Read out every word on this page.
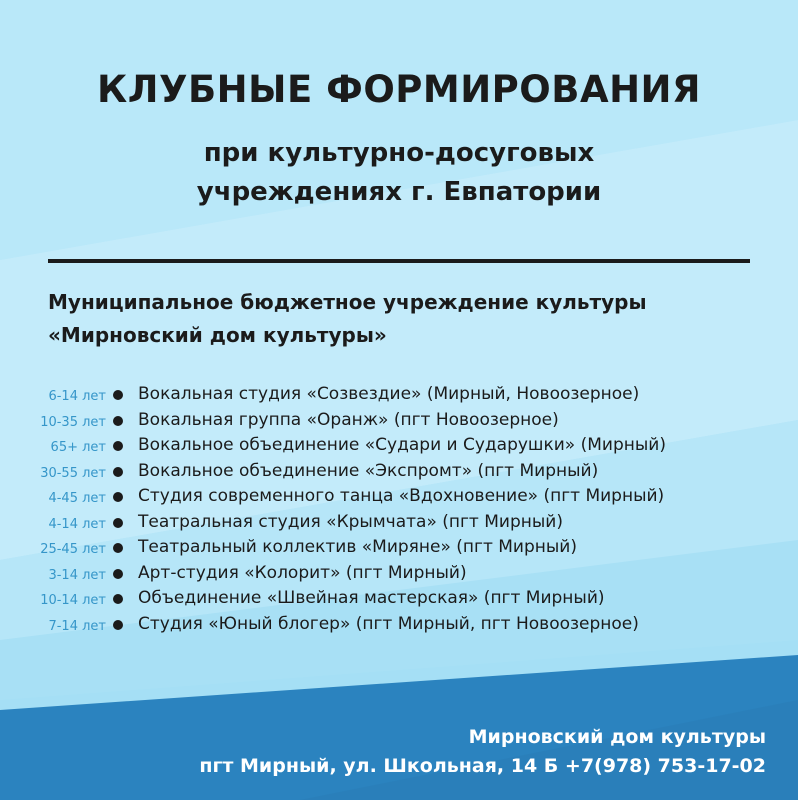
КЛУБНЫЕ ФОРМИРОВАНИЯ
при культурно-досуговых
учреждениях г. Евпатории
Муниципальное бюджетное учреждение культуры
«Мирновский дом культуры»
6-14 лет Вокальная студия «Созвездие» (Мирный, Новоозерное)
10-35 лет Вокальная группа «Оранж» (пгт Новоозерное)
65+ лет Вокальное объединение «Судари и Сударушки» (Мирный)
30-55 лет Вокальное объединение «Экспромт» (пгт Мирный)
4-45 лет Студия современного танца «Вдохновение» (пгт Мирный)
4-14 лет Театральная студия «Крымчата» (пгт Мирный)
25-45 лет Театральный коллектив «Миряне» (пгт Мирный)
3-14 лет Арт-студия «Колорит» (пгт Мирный)
10-14 лет Объединение «Швейная мастерская» (пгт Мирный)
7-14 лет Студия «Юный блогер» (пгт Мирный, пгт Новоозерное)
Мирновский дом культуры
пгт Мирный, ул. Школьная, 14 Б +7(978) 753-17-02
